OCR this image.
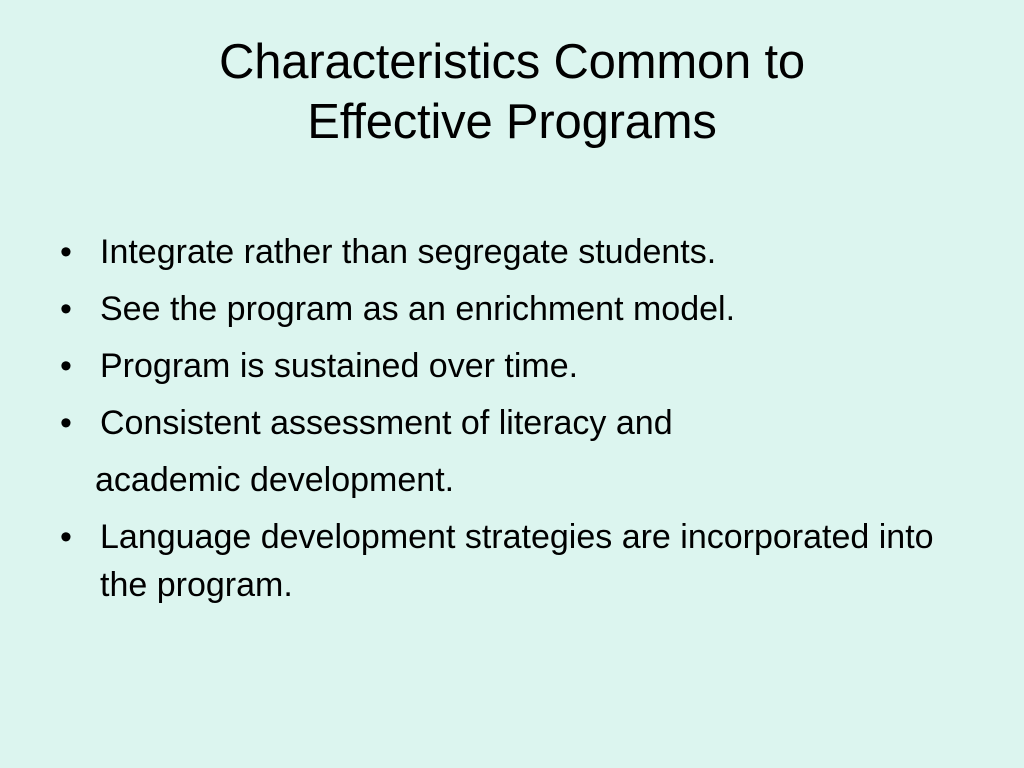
Characteristics Common to
Effective Programs
• Integrate rather than segregate students.
• See the program as an enrichment model.
• Program is sustained over time.
• Consistent assessment of literacy and
academic development.
• Language development strategies are incorporated into the program.
